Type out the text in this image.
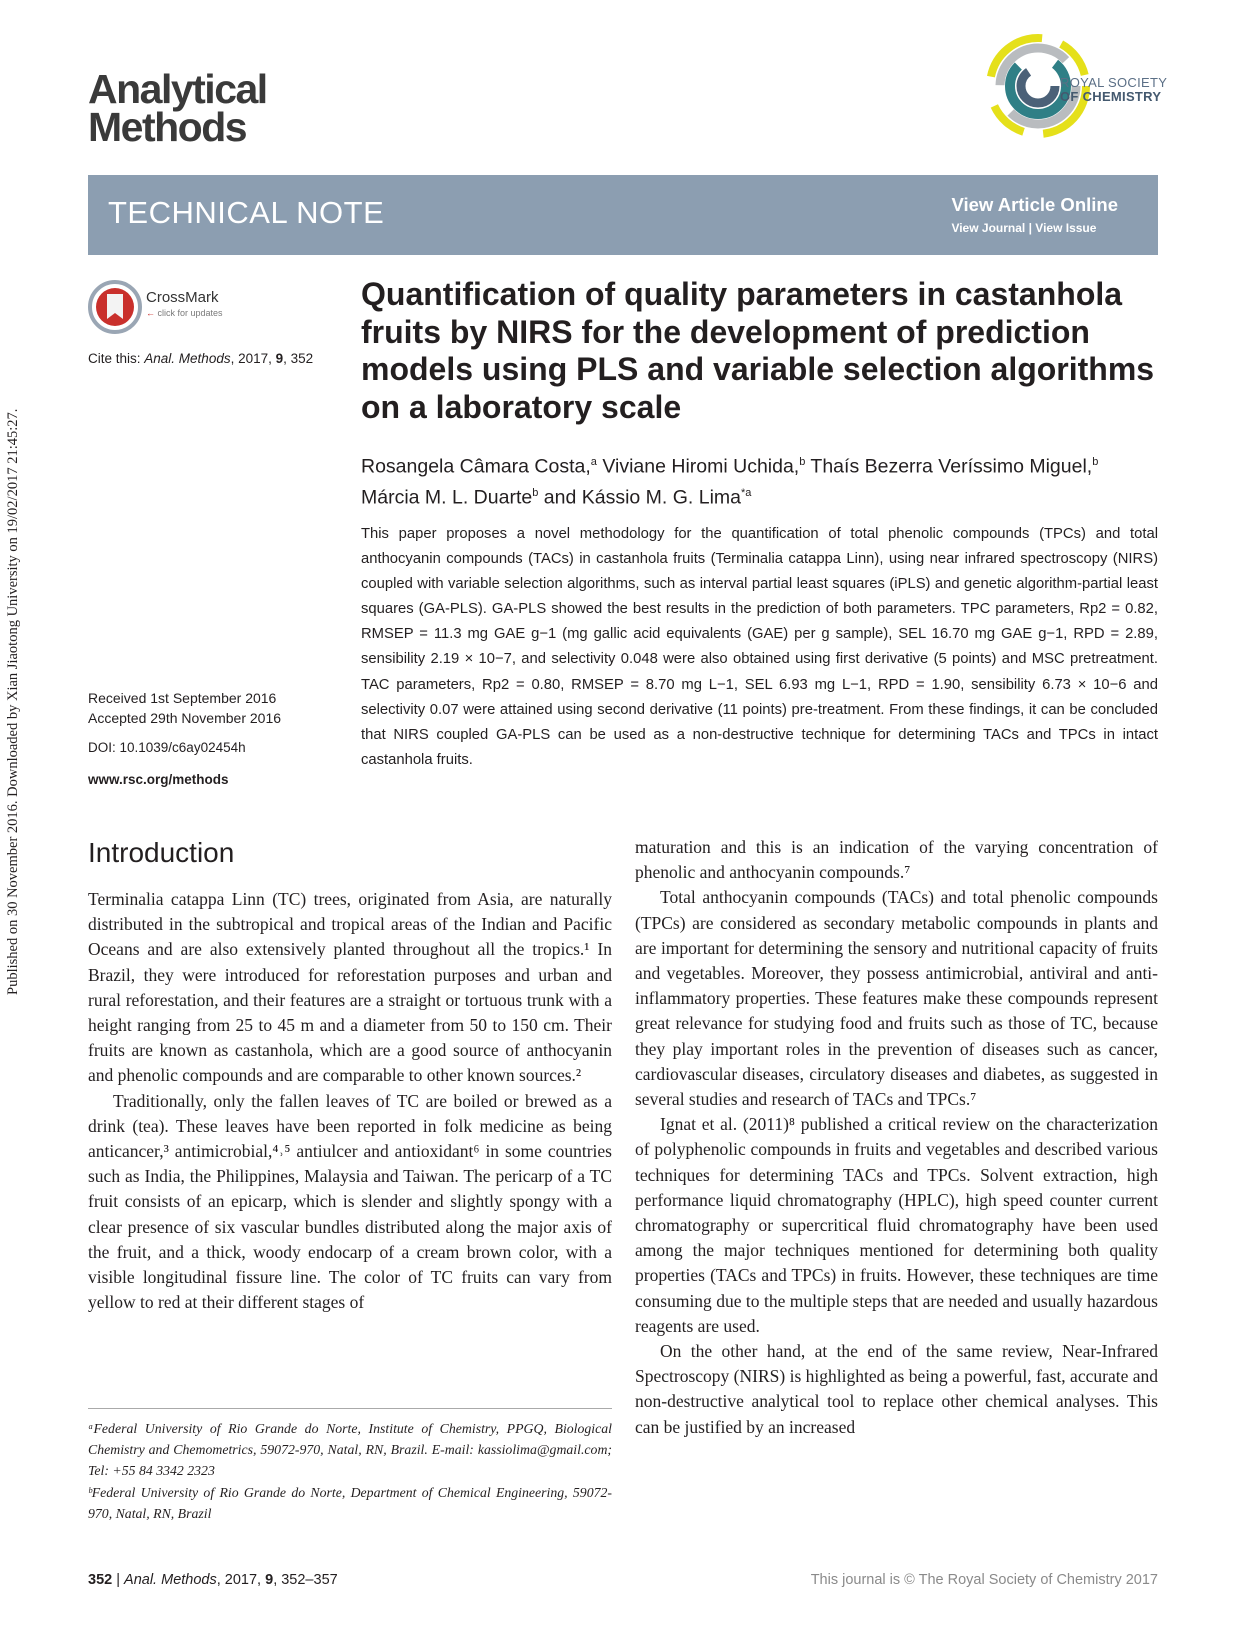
Published on 30 November 2016. Downloaded by Xian Jiaotong University on 19/02/2017 21:45:27.
Analytical
Methods
ROYAL SOCIETY
OF CHEMISTRY
TECHNICAL NOTE	View Article Online
View Journal | View Issue
CrossMark
← click for updates
Cite this: Anal. Methods, 2017, 9, 352
Received 1st September 2016
Accepted 29th November 2016
DOI: 10.1039/c6ay02454h
www.rsc.org/methods
Quantification of quality parameters in castanhola fruits by NIRS for the development of prediction models using PLS and variable selection algorithms on a laboratory scale
Rosangela Câmara Costa,$^a$ Viviane Hiromi Uchida,$^b$ Thaís Bezerra Veríssimo Miguel,$^b$
Márcia M. L. Duarte$^b$ and Kássio M. G. Lima$^{*a}$
This paper proposes a novel methodology for the quantification of total phenolic compounds (TPCs) and total anthocyanin compounds (TACs) in castanhola fruits (Terminalia catappa Linn), using near infrared spectroscopy (NIRS) coupled with variable selection algorithms, such as interval partial least squares (iPLS) and genetic algorithm-partial least squares (GA-PLS). GA-PLS showed the best results in the prediction of both parameters. TPC parameters, Rp2 = 0.82, RMSEP = 11.3 mg GAE g−1 (mg gallic acid equivalents (GAE) per g sample), SEL 16.70 mg GAE g−1, RPD = 2.89, sensibility 2.19 × 10−7, and selectivity 0.048 were also obtained using first derivative (5 points) and MSC pretreatment. TAC parameters, Rp2 = 0.80, RMSEP = 8.70 mg L−1, SEL 6.93 mg L−1, RPD = 1.90, sensibility 6.73 × 10−6 and selectivity 0.07 were attained using second derivative (11 points) pre-treatment. From these findings, it can be concluded that NIRS coupled GA-PLS can be used as a non-destructive technique for determining TACs and TPCs in intact castanhola fruits.
Introduction

Terminalia catappa Linn (TC) trees, originated from Asia, are naturally distributed in the subtropical and tropical areas of the Indian and Pacific Oceans and are also extensively planted throughout all the tropics.¹ In Brazil, they were introduced for reforestation purposes and urban and rural reforestation, and their features are a straight or tortuous trunk with a height ranging from 25 to 45 m and a diameter from 50 to 150 cm. Their fruits are known as castanhola, which are a good source of anthocyanin and phenolic compounds and are comparable to other known sources.²

Traditionally, only the fallen leaves of TC are boiled or brewed as a drink (tea). These leaves have been reported in folk medicine as being anticancer,³ antimicrobial,⁴˒⁵ antiulcer and antioxidant⁶ in some countries such as India, the Philippines, Malaysia and Taiwan. The pericarp of a TC fruit consists of an epicarp, which is slender and slightly spongy with a clear presence of six vascular bundles distributed along the major axis of the fruit, and a thick, woody endocarp of a cream brown color, with a visible longitudinal fissure line. The color of TC fruits can vary from yellow to red at their different stages of

maturation and this is an indication of the varying concentration of phenolic and anthocyanin compounds.⁷

Total anthocyanin compounds (TACs) and total phenolic compounds (TPCs) are considered as secondary metabolic compounds in plants and are important for determining the sensory and nutritional capacity of fruits and vegetables. Moreover, they possess antimicrobial, antiviral and anti-inflammatory properties. These features make these compounds represent great relevance for studying food and fruits such as those of TC, because they play important roles in the prevention of diseases such as cancer, cardiovascular diseases, circulatory diseases and diabetes, as suggested in several studies and research of TACs and TPCs.⁷

Ignat et al. (2011)⁸ published a critical review on the characterization of polyphenolic compounds in fruits and vegetables and described various techniques for determining TACs and TPCs. Solvent extraction, high performance liquid chromatography (HPLC), high speed counter current chromatography or supercritical fluid chromatography have been used among the major techniques mentioned for determining both quality properties (TACs and TPCs) in fruits. However, these techniques are time consuming due to the multiple steps that are needed and usually hazardous reagents are used.

On the other hand, at the end of the same review, Near-Infrared Spectroscopy (NIRS) is highlighted as being a powerful, fast, accurate and non-destructive analytical tool to replace other chemical analyses. This can be justified by an increased

ᵃFederal University of Rio Grande do Norte, Institute of Chemistry, PPGQ, Biological Chemistry and Chemometrics, 59072-970, Natal, RN, Brazil. E-mail: kassiolima@gmail.com; Tel: +55 84 3342 2323

ᵇFederal University of Rio Grande do Norte, Department of Chemical Engineering, 59072-970, Natal, RN, Brazil

352 | Anal. Methods, 2017, 9, 352–357	This journal is © The Royal Society of Chemistry 2017
